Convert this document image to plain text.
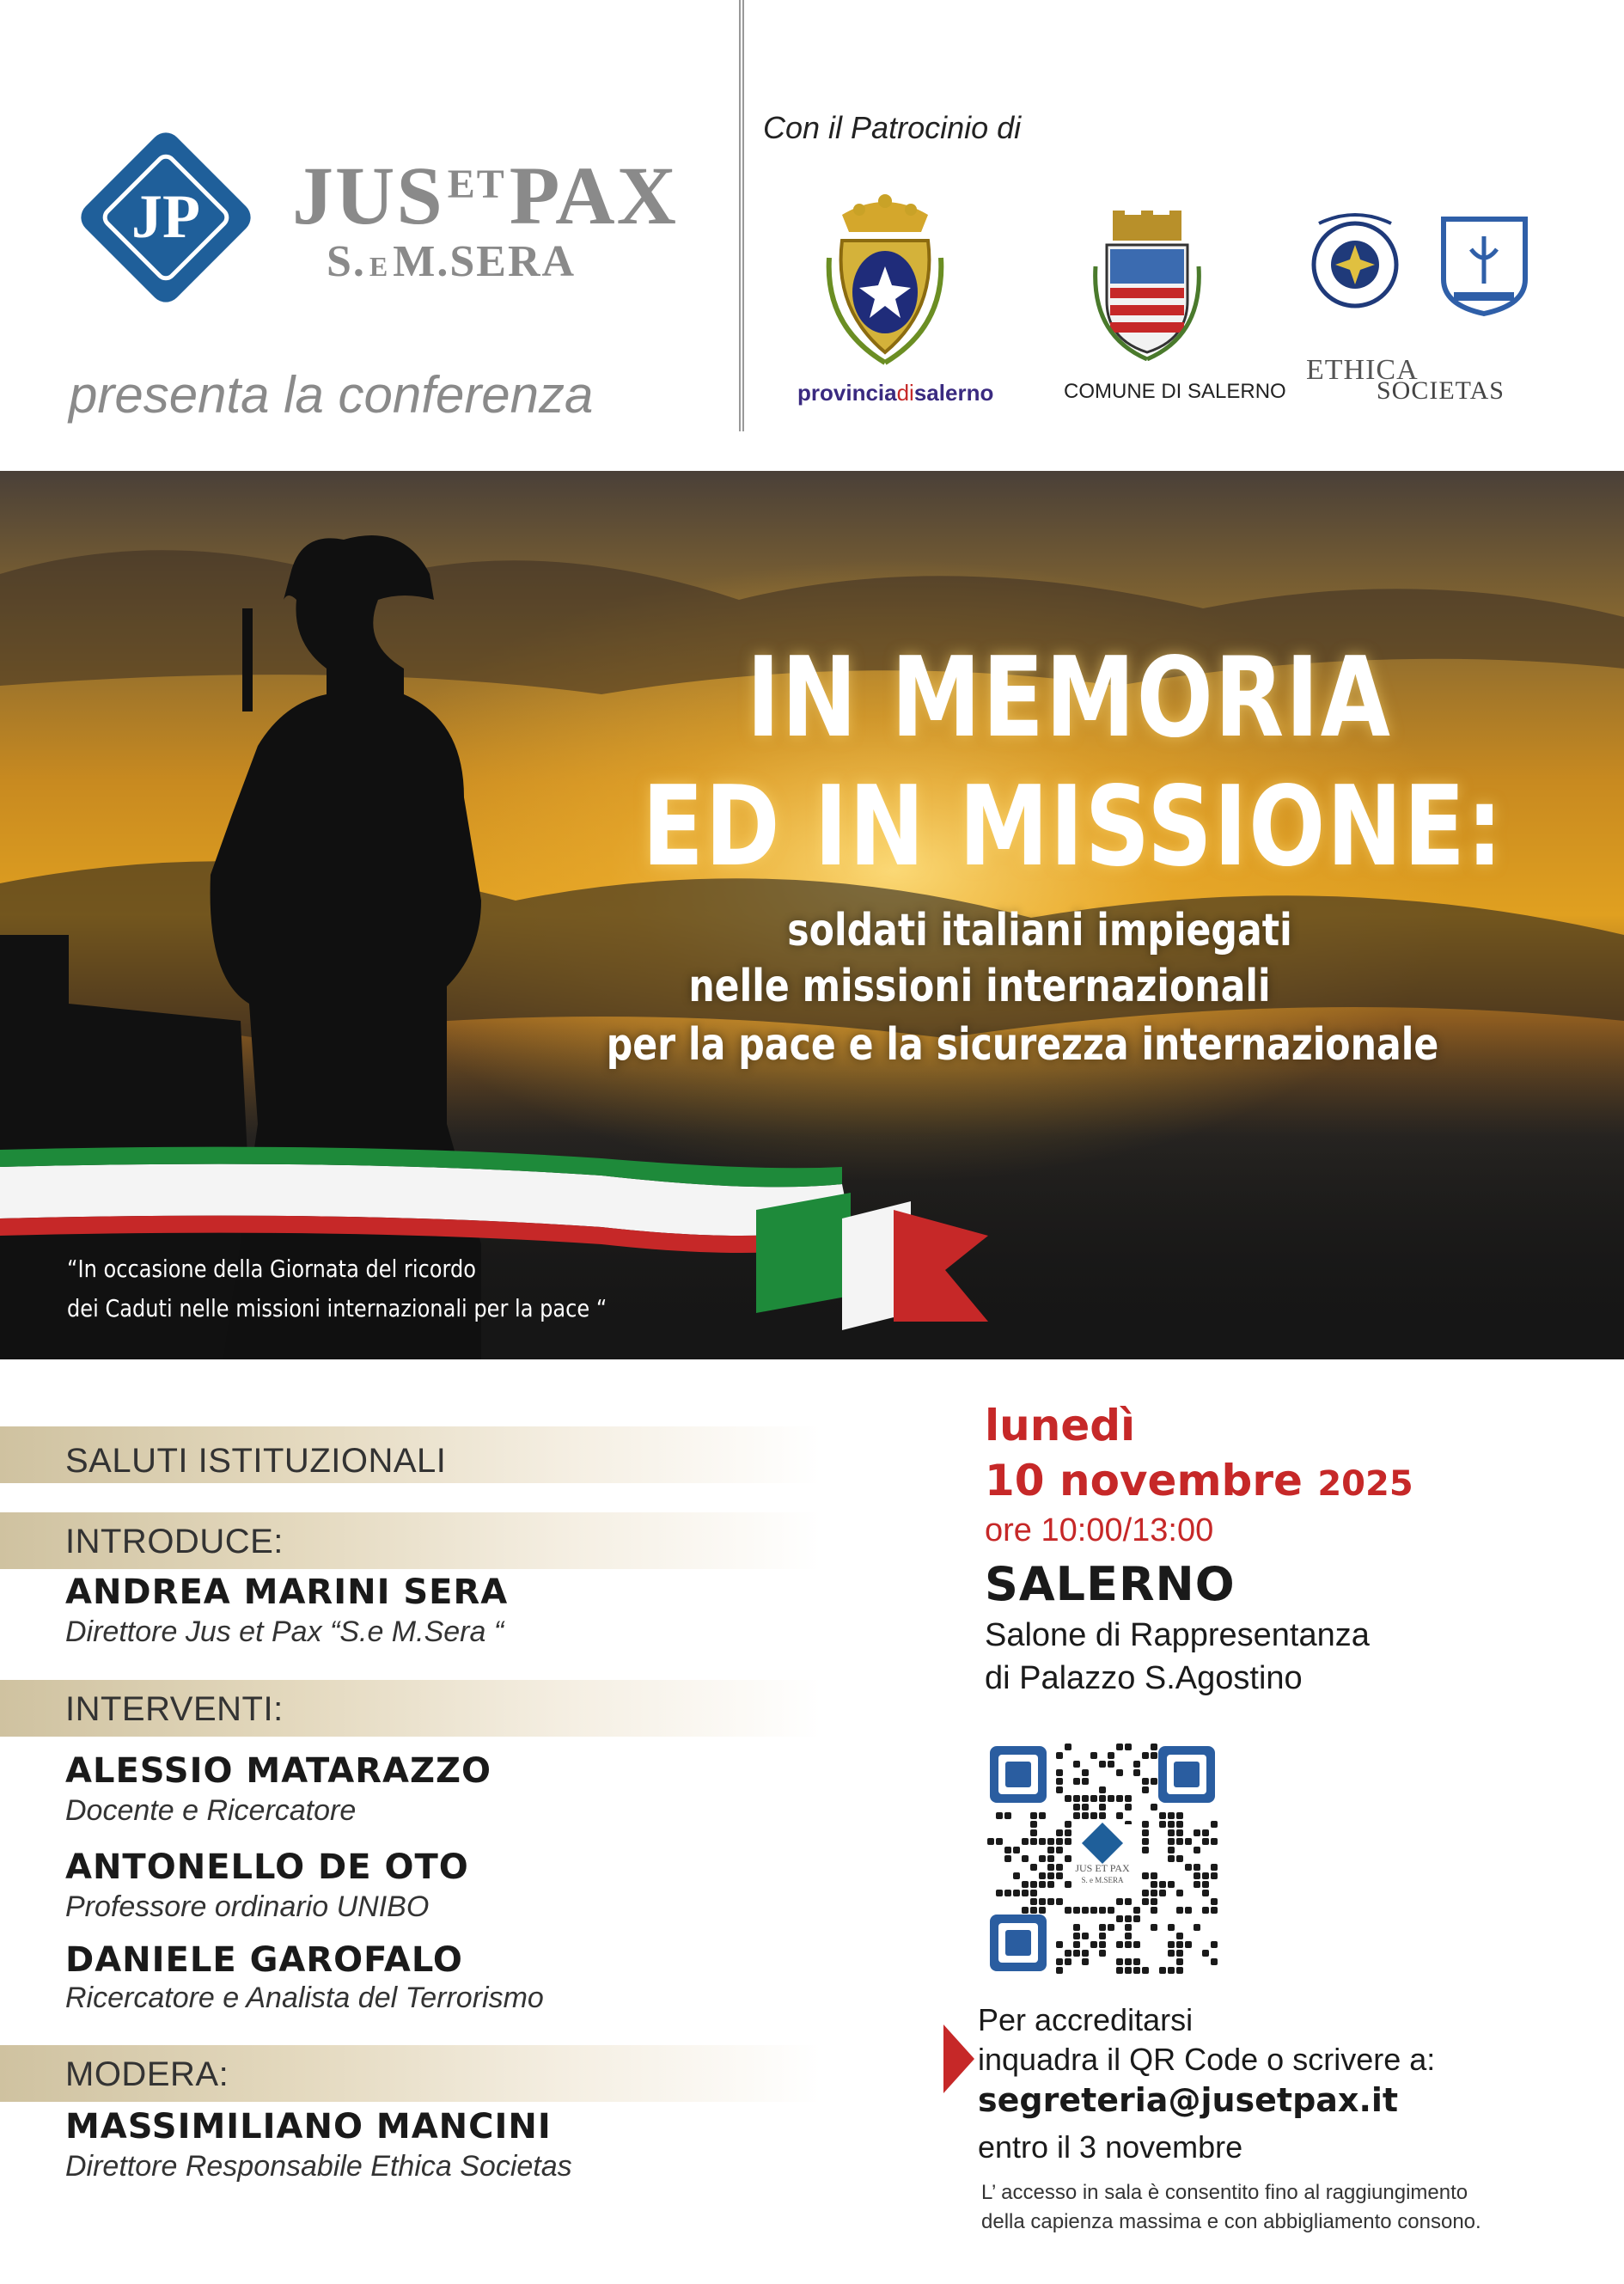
JP $JUS^{ET}PAX$
S. EM.SERA
presenta la conferenza
Con il Patrocinio di
provinciadisalerno	COMUNE DI SALERNO
ETHICA
SOCIETAS
IN MEMORIA
ED IN MISSIONE:
soldati italiani impiegati
nelle missioni internazionali
per la pace e la sicurezza internazionale
“In occasione della Giornata del ricordo
dei Caduti nelle missioni internazionali per la pace “
SALUTI ISTITUZIONALI
INTRODUCE:
ANDREA MARINI SERA
Direttore Jus et Pax “S.e M.Sera “
INTERVENTI:
ALESSIO MATARAZZO
Docente e Ricercatore
ANTONELLO DE OTO
Professore ordinario UNIBO
DANIELE GAROFALO
Ricercatore e Analista del Terrorismo
MODERA:
MASSIMILIANO MANCINI
Direttore Responsabile Ethica Societas
lunedì
10 novembre 2025
ore 10:00/13:00
SALERNO
Salone di Rappresentanza
di Palazzo S.Agostino
JUS ET PAX
S. e M.SERA
Per accreditarsi
inquadra il QR Code o scrivere a:
segreteria@jusetpax.it
entro il 3 novembre
L’ accesso in sala è consentito fino al raggiungimento
della capienza massima e con abbigliamento consono.
